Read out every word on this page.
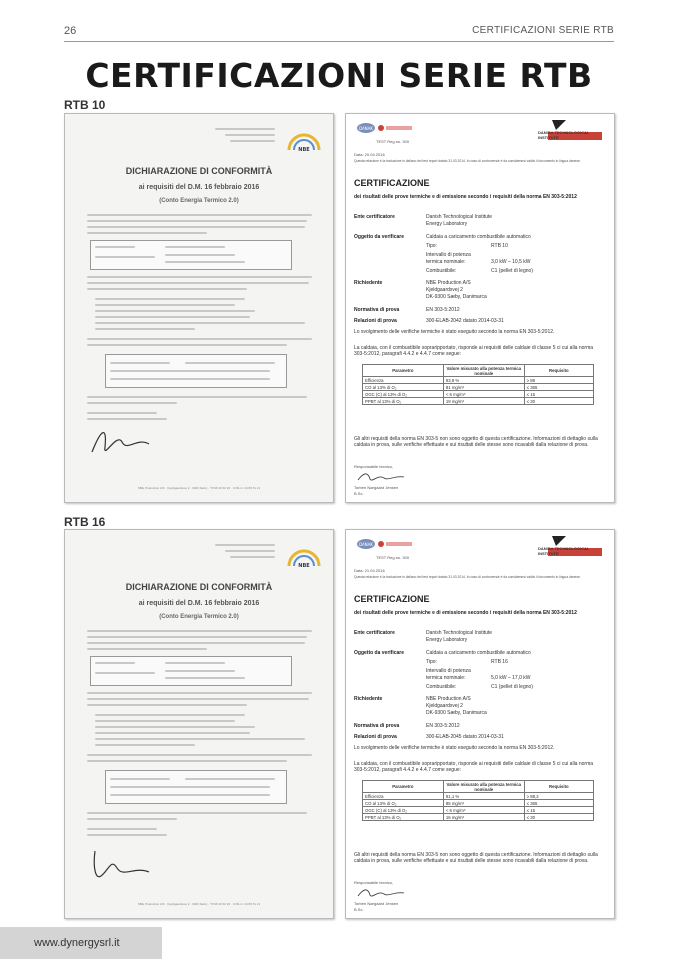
26	CERTIFICAZIONI SERIE RTB
CERTIFICAZIONI SERIE RTB
RTB 10
NBE
DICHIARAZIONE DI CONFORMITÀ
ai requisiti del D.M. 16 febbraio 2016
(Conto Energia Termico 2.0)
NBE Production A/S · Kjeldgaardsvej 2 · 9300 Sæby · Tlf 98 20 92 20 · CVR-nr. 34 89 51 21
DANAK
TEST Reg.no. 300
DANISH TECHNOLOGICAL INSTITUTE
Data: 20.04.2016
Questa relazione è la traduzione in italiano del test report datato 31.03.2014. In caso di controversie è da considerarsi valido il documento in lingua danese.
CERTIFICAZIONE
dei risultati delle prove termiche e di emissione secondo i requisiti della norma EN 303-5:2012
Ente certificatore	Danish Technological Institute
Energy Laboratory
Oggetto da verificare	Caldaia a caricamento combustibile automatico
Tipo:	RTB 10
Intervallo di potenza
termica nominale:	3,0 kW – 10,5 kW
Combustibile:	C1 (pellet di legno)
Richiedente	NBE Production A/S
Kjeldgaardsvej 2
DK-9300 Sæby, Danimarca
Normativa di prova	EN 303-5:2012
Relazioni di prova	300-ELAB-2042 datato 2014-03-31
Lo svolgimento delle verifiche termiche è stato eseguito secondo la norma EN 303-5:2012.
La caldaia, con il combustibile sopraripportato, risponde ai requisiti delle caldaie di classe 5 ci cui alla norma 303-5:2012, paragrafi 4.4.2 e 4.4.7 come segue:
Parametro	Valore misurato alla potenza termica nominale	Requisito
Efficienza	93,9 %	≥ 88
CO al 13% di O₂	81 mg/m³	≤ 365
OGC (C) al 13% di O₂	< 6 mg/m³	≤ 15
PPBT al 13% di O₂	19 mg/m³	≤ 30
Gli altri requisiti della norma EN 303-5 non sono oggetto di questa certificazione. Informazioni di dettaglio sulla caldaia in prova, sulle verifiche effettuate e sui risultati delle stesse sono ricavabili dalla relazione di prova.
Responsabile tecnico,
Torben Nørgaard Jensen
B.Sc.
RTB 16
NBE
DICHIARAZIONE DI CONFORMITÀ
ai requisiti del D.M. 16 febbraio 2016
(Conto Energia Termico 2.0)
NBE Production A/S · Kjeldgaardsvej 2 · 9300 Sæby · Tlf 98 20 92 20 · CVR-nr. 34 89 51 21
DANAK
TEST Reg.no. 300
DANISH TECHNOLOGICAL INSTITUTE
Data: 21.04.2016
Questa relazione è la traduzione in italiano del test report datato 31.03.2014. In caso di controversie è da considerarsi valido il documento in lingua danese.
CERTIFICAZIONE
dei risultati delle prove termiche e di emissione secondo i requisiti della norma EN 303-5:2012
Ente certificatore	Danish Technological Institute
Energy Laboratory
Oggetto da verificare	Caldaia a caricamento combustibile automatico
Tipo:	RTB 16
Intervallo di potenza
termica nominale:	5,0 kW – 17,0 kW
Combustibile:	C1 (pellet di legno)
Richiedente	NBE Production A/S
Kjeldgaardsvej 2
DK-9300 Sæby, Danimarca
Normativa di prova	EN 303-5:2012
Relazioni di prova	300-ELAB-2045 datato 2014-03-31
Lo svolgimento delle verifiche termiche è stato eseguito secondo la norma EN 303-5:2012.
La caldaia, con il combustibile sopraripportato, risponde ai requisiti delle caldaie di classe 5 ci cui alla norma 303-5:2012, paragrafi 4.4.2 e 4.4.7 come segue:
Parametro	Valore misurato alla potenza termica nominale	Requisito
Efficienza	91,1 %	≥ 88,2
CO al 13% di O₂	85 mg/m³	≤ 365
OGC (C) al 13% di O₂	< 6 mg/m³	≤ 15
PPBT al 13% di O₂	16 mg/m³	≤ 30
Gli altri requisiti della norma EN 303-5 non sono oggetto di questa certificazione. Informazioni di dettaglio sulla caldaia in prova, sulle verifiche effettuate e sui risultati delle stesse sono ricavabili dalla relazione di prova.
Responsabile tecnico,
Torben Nørgaard Jensen
B.Sc.
www.dynergysrl.it
